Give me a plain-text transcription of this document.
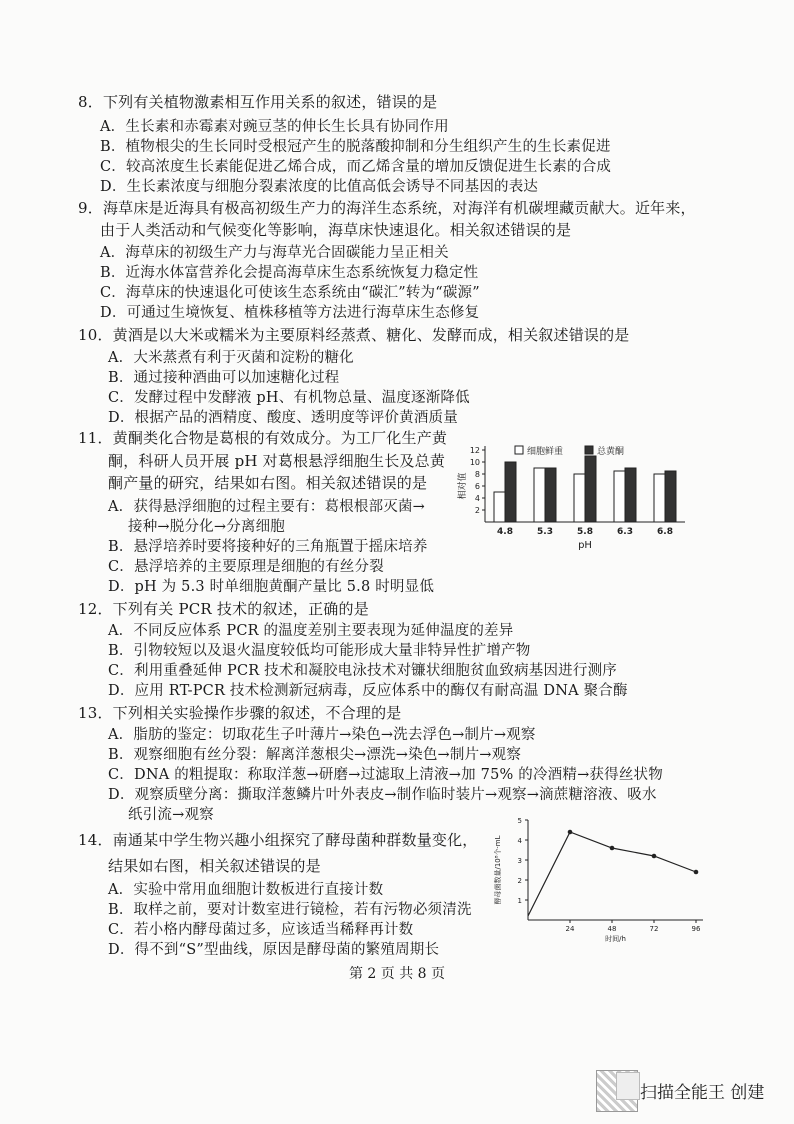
8．下列有关植物激素相互作用关系的叙述，错误的是
A．生长素和赤霉素对豌豆茎的伸长生长具有协同作用
B．植物根尖的生长同时受根冠产生的脱落酸抑制和分生组织产生的生长素促进
C．较高浓度生长素能促进乙烯合成，而乙烯含量的增加反馈促进生长素的合成
D．生长素浓度与细胞分裂素浓度的比值高低会诱导不同基因的表达
9．海草床是近海具有极高初级生产力的海洋生态系统，对海洋有机碳埋藏贡献大。近年来，
由于人类活动和气候变化等影响，海草床快速退化。相关叙述错误的是
A．海草床的初级生产力与海草光合固碳能力呈正相关
B．近海水体富营养化会提高海草床生态系统恢复力稳定性
C．海草床的快速退化可使该生态系统由“碳汇”转为“碳源”
D．可通过生境恢复、植株移植等方法进行海草床生态修复
10．黄酒是以大米或糯米为主要原料经蒸煮、糖化、发酵而成，相关叙述错误的是
A．大米蒸煮有利于灭菌和淀粉的糖化
B．通过接种酒曲可以加速糖化过程
C．发酵过程中发酵液 pH、有机物总量、温度逐渐降低
D．根据产品的酒精度、酸度、透明度等评价黄酒质量
11．黄酮类化合物是葛根的有效成分。为工厂化生产黄
酮，科研人员开展 pH 对葛根悬浮细胞生长及总黄
酮产量的研究，结果如右图。相关叙述错误的是
A．获得悬浮细胞的过程主要有：葛根根部灭菌→
接种→脱分化→分离细胞
B．悬浮培养时要将接种好的三角瓶置于摇床培养
C．悬浮培养的主要原理是细胞的有丝分裂
D．pH 为 5.3 时单细胞黄酮产量比 5.8 时明显低
2
4
6
8
10
12
相对值
细胞鲜重	总黄酮
4.8	5.3	5.8	6.3	6.8
pH
12．下列有关 PCR 技术的叙述，正确的是
A．不同反应体系 PCR 的温度差别主要表现为延伸温度的差异
B．引物较短以及退火温度较低均可能形成大量非特异性扩增产物
C．利用重叠延伸 PCR 技术和凝胶电泳技术对镰状细胞贫血致病基因进行测序
D．应用 RT-PCR 技术检测新冠病毒，反应体系中的酶仅有耐高温 DNA 聚合酶
13．下列相关实验操作步骤的叙述，不合理的是
A．脂肪的鉴定：切取花生子叶薄片→染色→洗去浮色→制片→观察
B．观察细胞有丝分裂：解离洋葱根尖→漂洗→染色→制片→观察
C．DNA 的粗提取：称取洋葱→研磨→过滤取上清液→加 75% 的冷酒精→获得丝状物
D．观察质壁分离：撕取洋葱鳞片叶外表皮→制作临时装片→观察→滴蔗糖溶液、吸水
纸引流→观察
14．南通某中学生物兴趣小组探究了酵母菌种群数量变化，
结果如右图，相关叙述错误的是
A．实验中常用血细胞计数板进行直接计数
B．取样之前，要对计数室进行镜检，若有污物必须清洗
C．若小格内酵母菌过多，应该适当稀释再计数
D．得不到“S”型曲线，原因是酵母菌的繁殖周期长
1
2
3
4
5
24	48	72	96
时间/h
酵母菌数量/10⁸个·mL
第 2 页 共 8 页
扫描全能王 创建
